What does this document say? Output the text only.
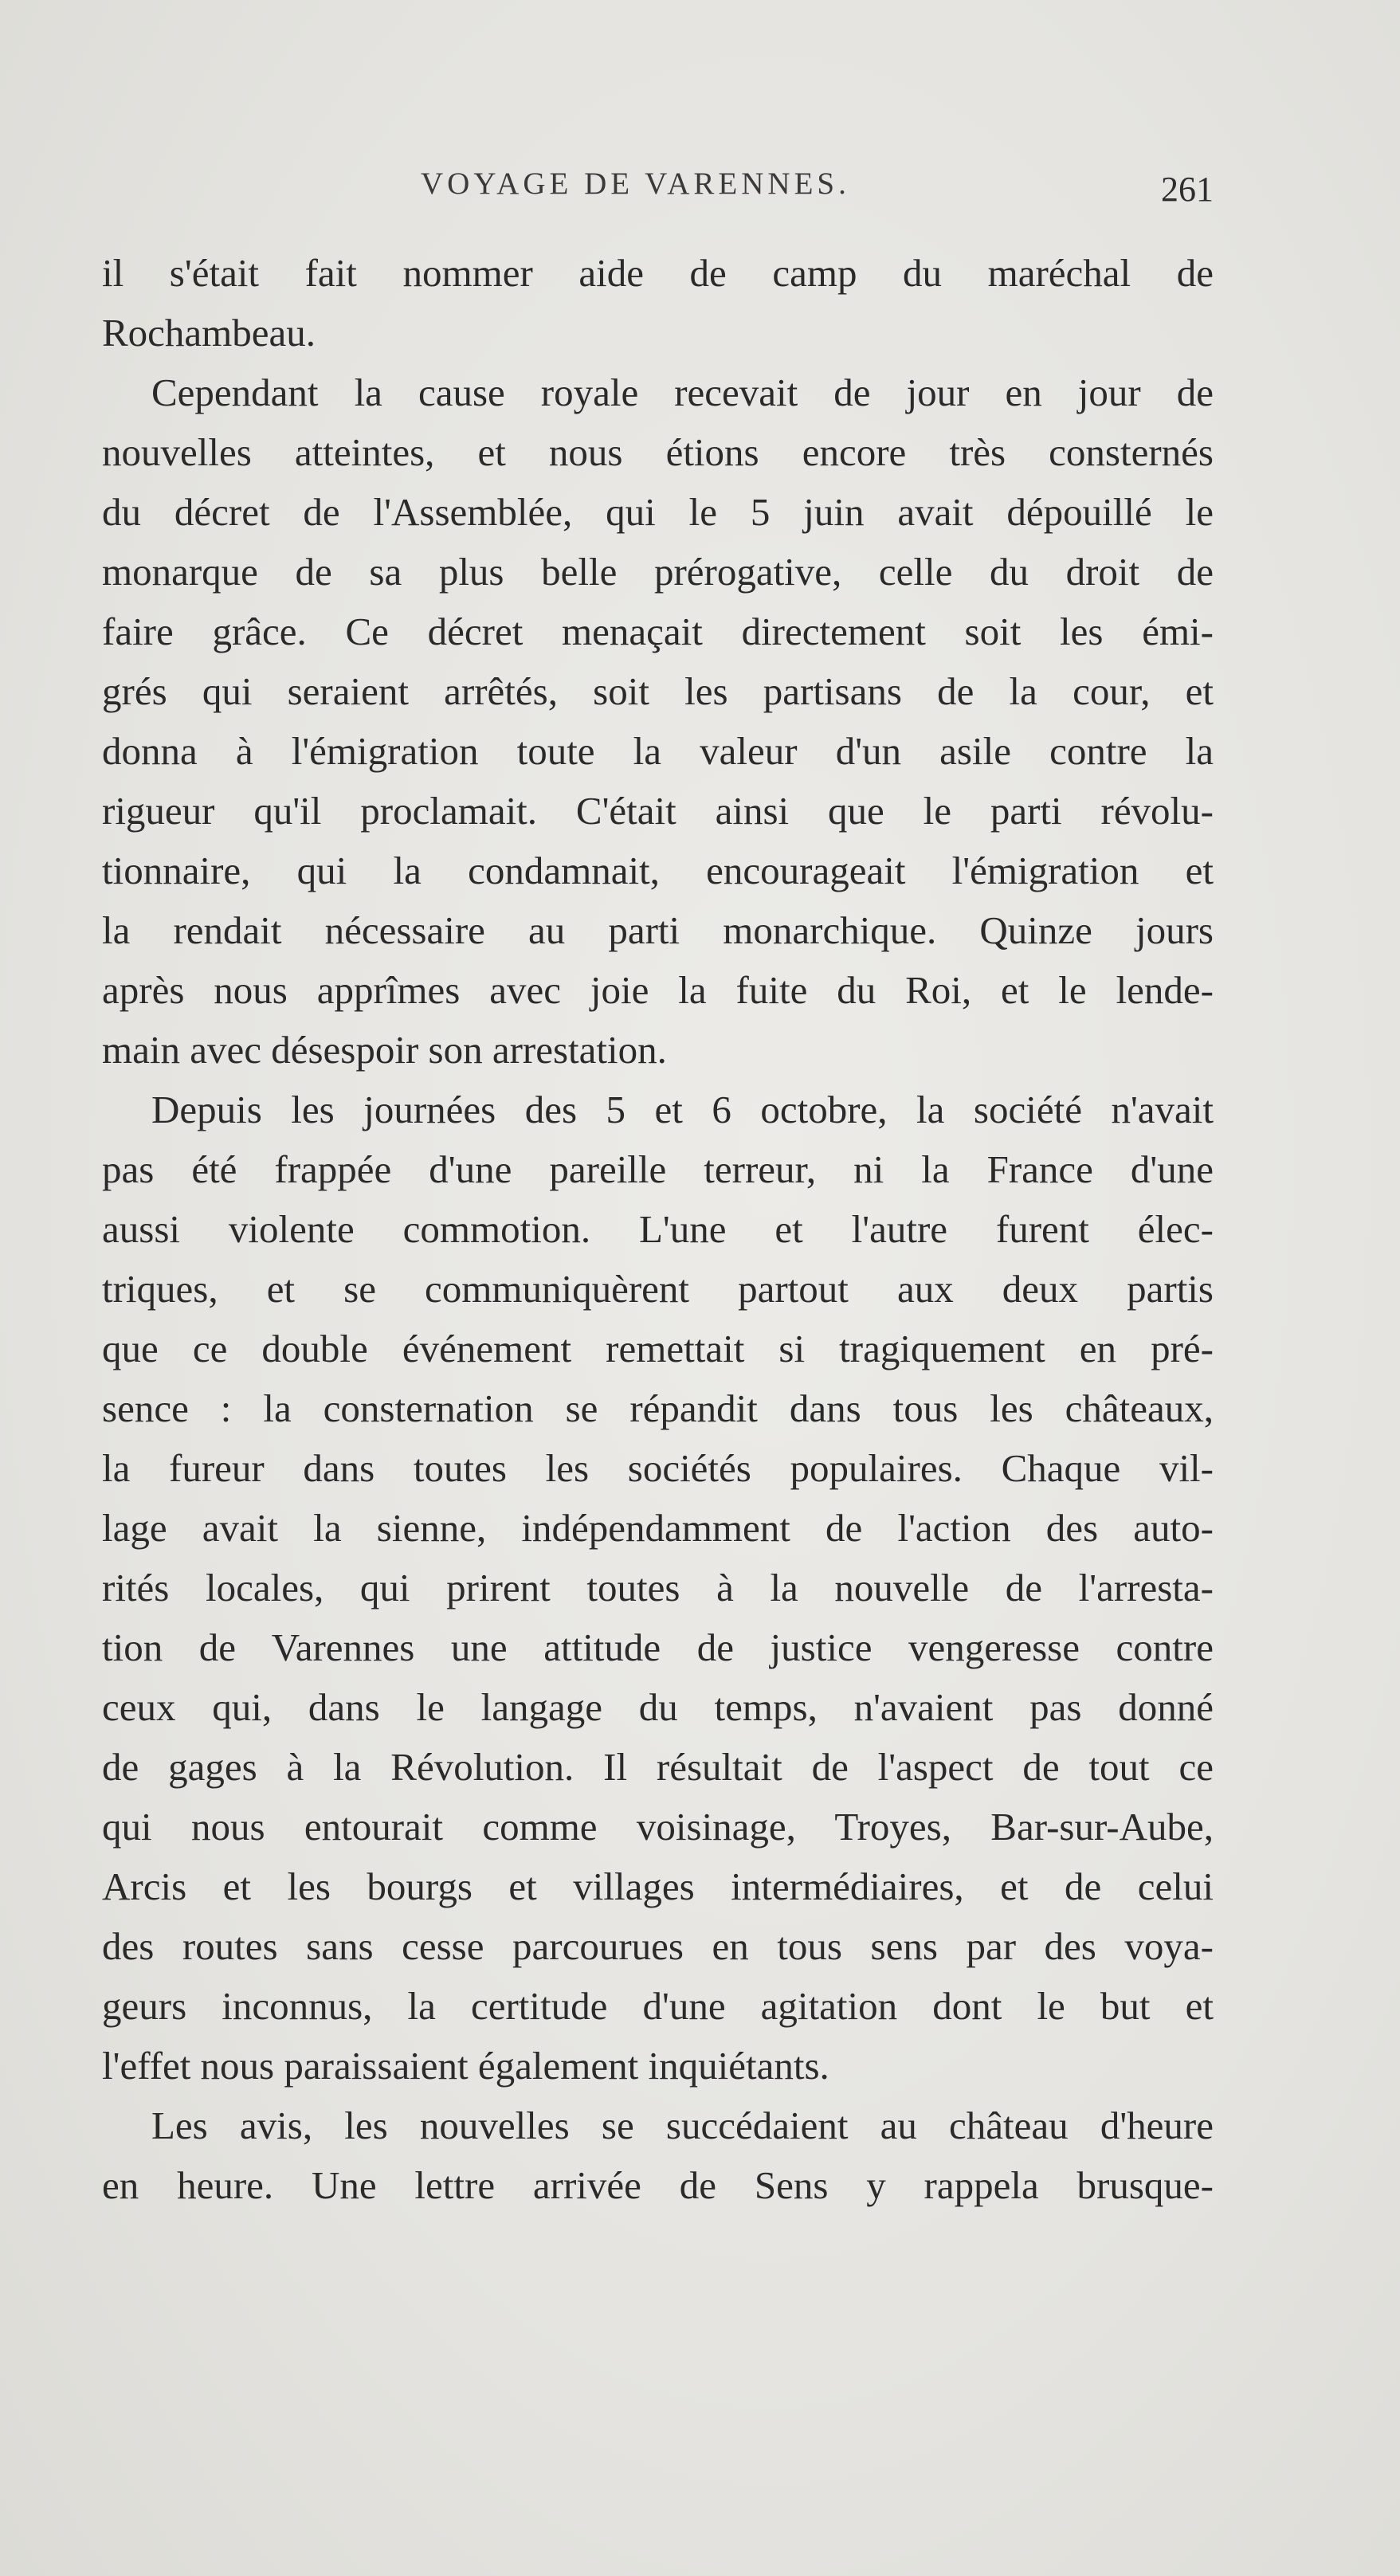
VOYAGE DE VARENNES.	261
il s'était fait nommer aide de camp du maréchal de
Rochambeau.
Cependant la cause royale recevait de jour en jour de
nouvelles atteintes, et nous étions encore très consternés
du décret de l'Assemblée, qui le 5 juin avait dépouillé le
monarque de sa plus belle prérogative, celle du droit de
faire grâce. Ce décret menaçait directement soit les émi-
grés qui seraient arrêtés, soit les partisans de la cour, et
donna à l'émigration toute la valeur d'un asile contre la
rigueur qu'il proclamait. C'était ainsi que le parti révolu-
tionnaire, qui la condamnait, encourageait l'émigration et
la rendait nécessaire au parti monarchique. Quinze jours
après nous apprîmes avec joie la fuite du Roi, et le lende-
main avec désespoir son arrestation.
Depuis les journées des 5 et 6 octobre, la société n'avait
pas été frappée d'une pareille terreur, ni la France d'une
aussi violente commotion. L'une et l'autre furent élec-
triques, et se communiquèrent partout aux deux partis
que ce double événement remettait si tragiquement en pré-
sence : la consternation se répandit dans tous les châteaux,
la fureur dans toutes les sociétés populaires. Chaque vil-
lage avait la sienne, indépendamment de l'action des auto-
rités locales, qui prirent toutes à la nouvelle de l'arresta-
tion de Varennes une attitude de justice vengeresse contre
ceux qui, dans le langage du temps, n'avaient pas donné
de gages à la Révolution. Il résultait de l'aspect de tout ce
qui nous entourait comme voisinage, Troyes, Bar-sur-Aube,
Arcis et les bourgs et villages intermédiaires, et de celui
des routes sans cesse parcourues en tous sens par des voya-
geurs inconnus, la certitude d'une agitation dont le but et
l'effet nous paraissaient également inquiétants.
Les avis, les nouvelles se succédaient au château d'heure
en heure. Une lettre arrivée de Sens y rappela brusque-
